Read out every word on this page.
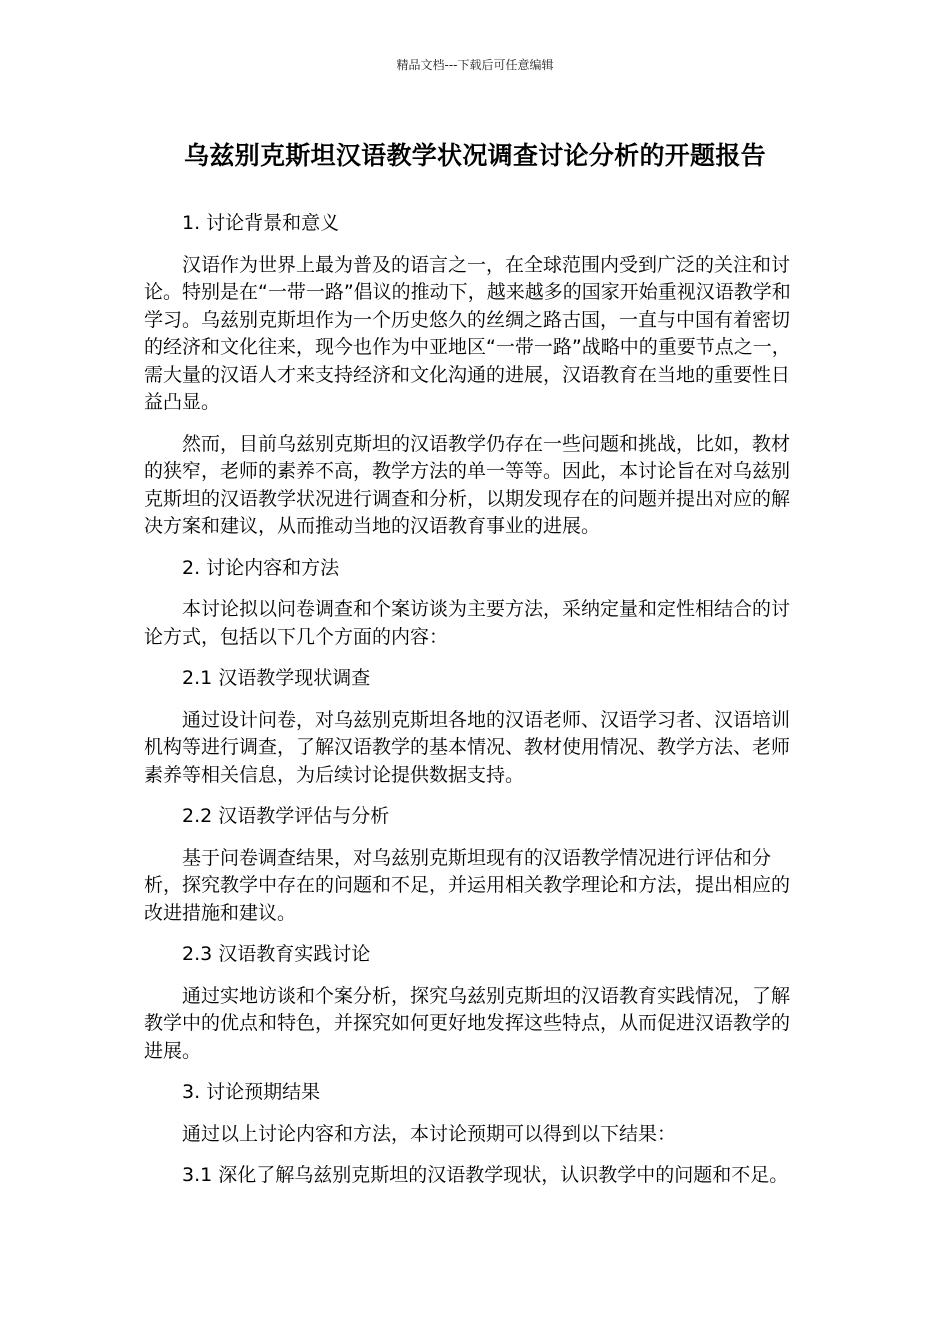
精品文档---下载后可任意编辑
乌兹别克斯坦汉语教学状况调查讨论分析的开题报告

1. 讨论背景和意义

汉语作为世界上最为普及的语言之一，在全球范围内受到广泛的关注和讨论。特别是在“一带一路”倡议的推动下，越来越多的国家开始重视汉语教学和学习。乌兹别克斯坦作为一个历史悠久的丝绸之路古国，一直与中国有着密切的经济和文化往来，现今也作为中亚地区“一带一路”战略中的重要节点之一，需大量的汉语人才来支持经济和文化沟通的进展，汉语教育在当地的重要性日益凸显。

然而，目前乌兹别克斯坦的汉语教学仍存在一些问题和挑战，比如，教材的狭窄，老师的素养不高，教学方法的单一等等。因此，本讨论旨在对乌兹别克斯坦的汉语教学状况进行调查和分析，以期发现存在的问题并提出对应的解决方案和建议，从而推动当地的汉语教育事业的进展。

2. 讨论内容和方法

本讨论拟以问卷调查和个案访谈为主要方法，采纳定量和定性相结合的讨论方式，包括以下几个方面的内容：

2.1 汉语教学现状调查

通过设计问卷，对乌兹别克斯坦各地的汉语老师、汉语学习者、汉语培训机构等进行调查，了解汉语教学的基本情况、教材使用情况、教学方法、老师素养等相关信息，为后续讨论提供数据支持。

2.2 汉语教学评估与分析

基于问卷调查结果，对乌兹别克斯坦现有的汉语教学情况进行评估和分析，探究教学中存在的问题和不足，并运用相关教学理论和方法，提出相应的改进措施和建议。

2.3 汉语教育实践讨论

通过实地访谈和个案分析，探究乌兹别克斯坦的汉语教育实践情况，了解教学中的优点和特色，并探究如何更好地发挥这些特点，从而促进汉语教学的进展。

3. 讨论预期结果

通过以上讨论内容和方法，本讨论预期可以得到以下结果：

3.1 深化了解乌兹别克斯坦的汉语教学现状，认识教学中的问题和不足。
